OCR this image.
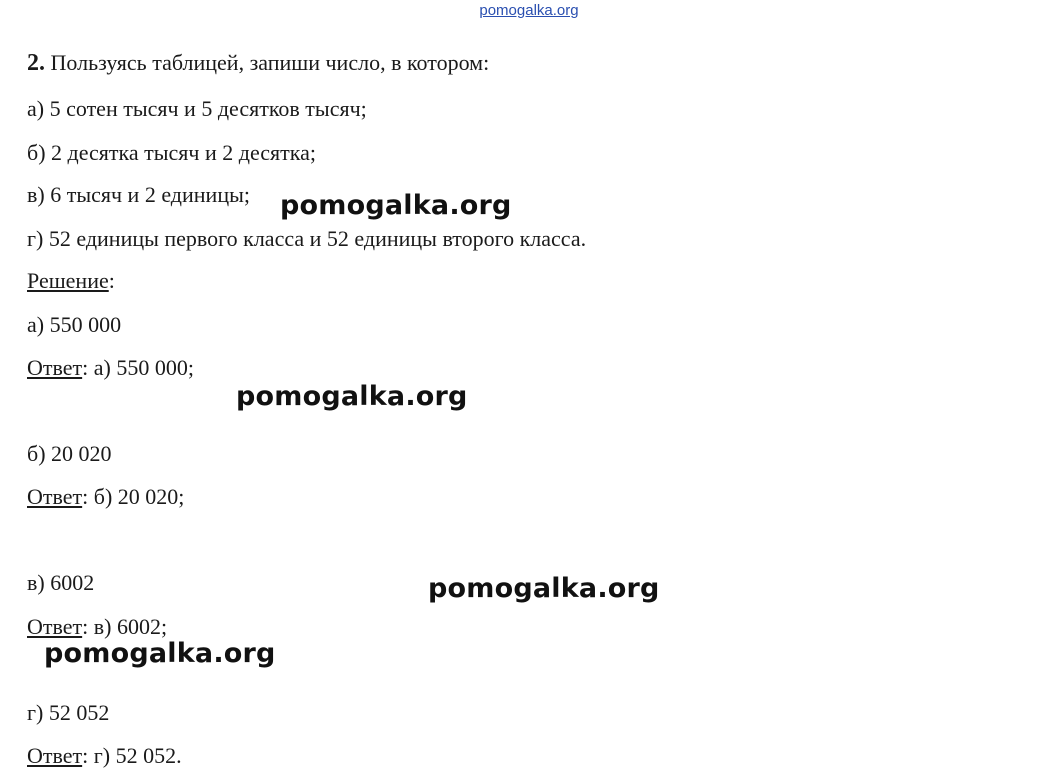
pomogalka.org
2. Пользуясь таблицей, запиши число, в котором:
а) 5 сотен тысяч и 5 десятков тысяч;
б) 2 десятка тысяч и 2 десятка;
в) 6 тысяч и 2 единицы;
г) 52 единицы первого класса и 52 единицы второго класса.
Решение:
а) 550 000
Ответ: а) 550 000;
б) 20 020
Ответ: б) 20 020;
в) 6002
Ответ: в) 6002;
г) 52 052
Ответ: г) 52 052.
pomogalka.org
pomogalka.org
pomogalka.org
pomogalka.org
